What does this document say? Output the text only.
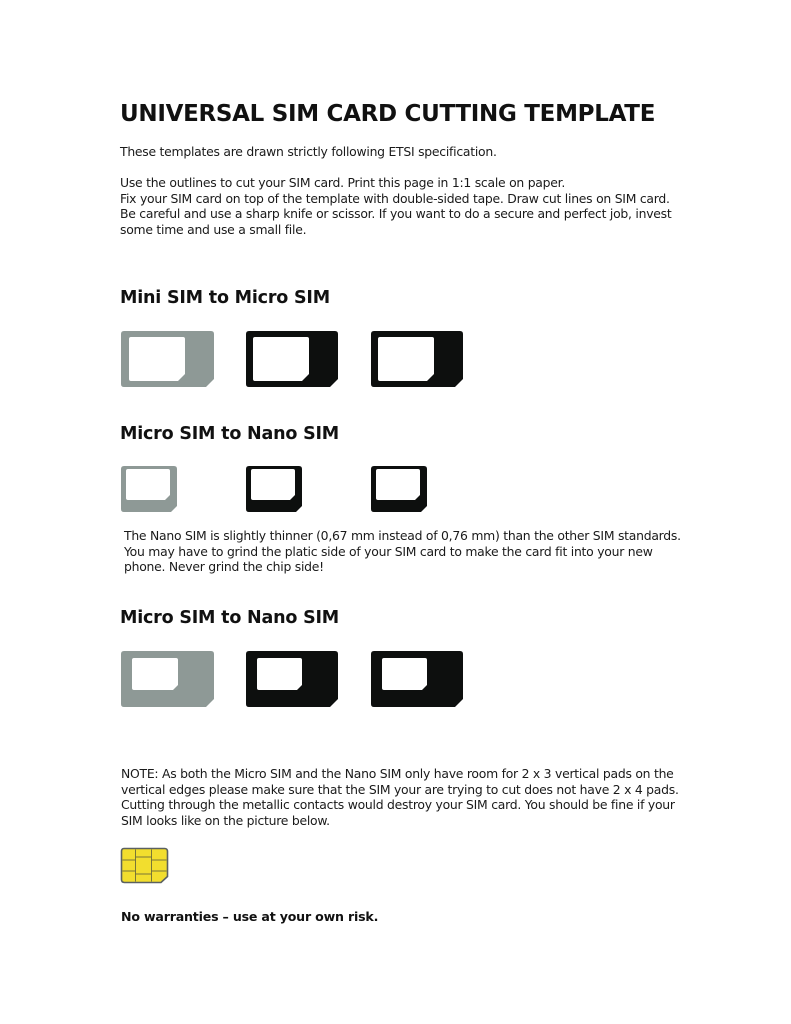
UNIVERSAL SIM CARD CUTTING TEMPLATE
These templates are drawn strictly following ETSI specification.
Use the outlines to cut your SIM card. Print this page in 1:1 scale on paper.
Fix your SIM card on top of the template with double-sided tape. Draw cut lines on SIM card.
Be careful and use a sharp knife or scissor. If you want to do a secure and perfect job, invest
some time and use a small file.
Mini SIM to Micro SIM
Micro SIM to Nano SIM
The Nano SIM is slightly thinner (0,67 mm instead of 0,76 mm) than the other SIM standards.
You may have to grind the platic side of your SIM card to make the card fit into your new
phone. Never grind the chip side!
Micro SIM to Nano SIM
NOTE: As both the Micro SIM and the Nano SIM only have room for 2 x 3 vertical pads on the
vertical edges please make sure that the SIM your are trying to cut does not have 2 x 4 pads.
Cutting through the metallic contacts would destroy your SIM card. You should be fine if your
SIM looks like on the picture below.
No warranties – use at your own risk.
